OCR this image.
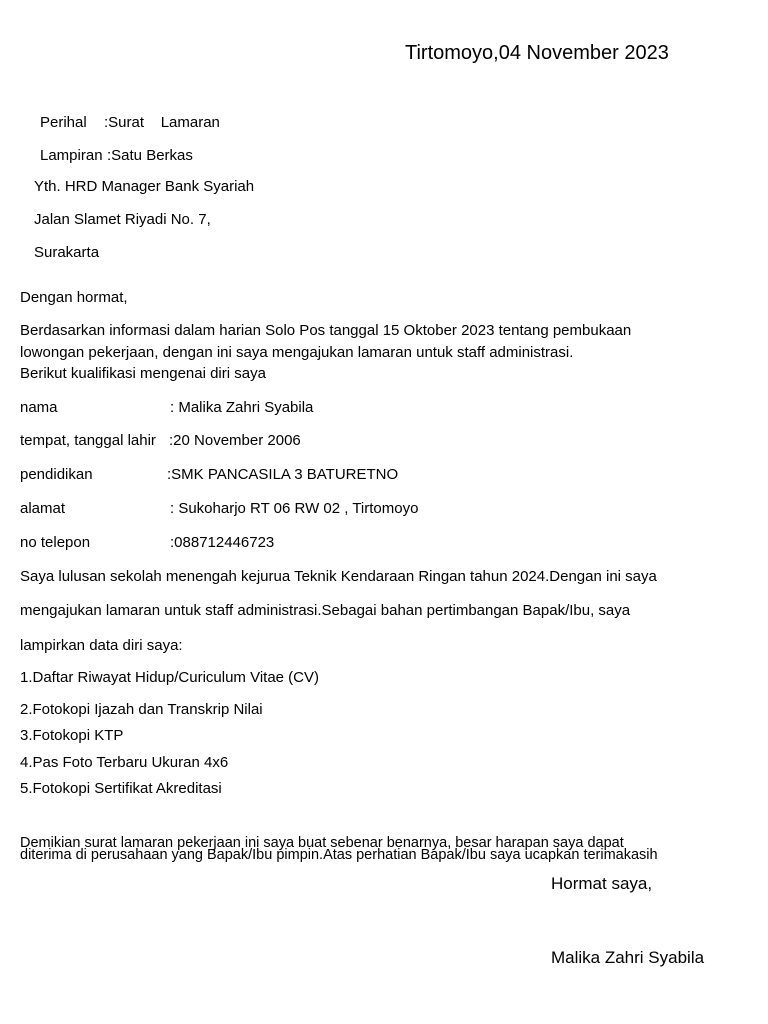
Tirtomoyo,04 November 2023
Perihal :Surat    Lamaran
Lampiran :Satu Berkas
Yth. HRD Manager Bank Syariah
Jalan Slamet Riyadi No. 7,
Surakarta
Dengan hormat,
Berdasarkan informasi dalam harian Solo Pos tanggal 15 Oktober 2023 tentang pembukaan
lowongan pekerjaan, dengan ini saya mengajukan lamaran untuk staff administrasi.
Berikut kualifikasi mengenai diri saya
nama	: Malika Zahri Syabila
tempat, tanggal lahir :20 November 2006
pendidikan	:SMK PANCASILA 3 BATURETNO
alamat	: Sukoharjo RT 06 RW 02 , Tirtomoyo
no telepon	:088712446723
Saya lulusan sekolah menengah kejurua Teknik Kendaraan Ringan tahun 2024.Dengan ini saya
mengajukan lamaran untuk staff administrasi.Sebagai bahan pertimbangan Bapak/Ibu, saya
lampirkan data diri saya:
1.Daftar Riwayat Hidup/Curiculum Vitae (CV)
2.Fotokopi Ijazah dan Transkrip Nilai
3.Fotokopi KTP
4.Pas Foto Terbaru Ukuran 4x6
5.Fotokopi Sertifikat Akreditasi
Demikian surat lamaran pekerjaan ini saya buat sebenar benarnya, besar harapan saya dapat
diterima di perusahaan yang Bapak/Ibu pimpin.Atas perhatian Bapak/Ibu saya ucapkan terimakasih
Hormat saya,
Malika Zahri Syabila
